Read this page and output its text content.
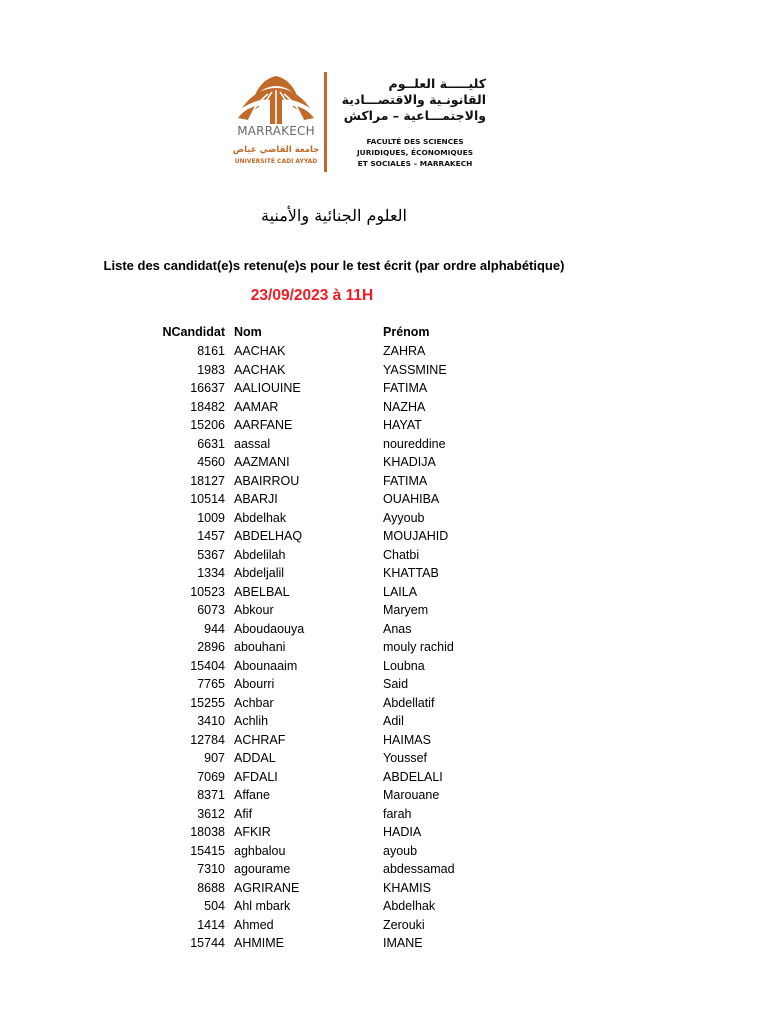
MARRAKECH
جامعة القاضي عياض
UNIVERSITÉ CADI AYYAD
كليـــــة العلــوم
القانونـية والاقتصـــادية
والاجتمـــاعية – مراكش
FACULTÉ DES SCIENCES
JURIDIQUES, ÉCONOMIQUES
ET SOCIALES – MARRAKECH
العلوم الجنائية والأمنية
Liste des candidat(e)s retenu(e)s pour le test écrit (par ordre alphabétique)
23/09/2023 à 11H
NCandidat Nom	Prénom
8161 AACHAK	ZAHRA
1983 AACHAK	YASSMINE
16637 AALIOUINE	FATIMA
18482 AAMAR	NAZHA
15206 AARFANE	HAYAT
6631 aassal	noureddine
4560 AAZMANI	KHADIJA
18127 ABAIRROU	FATIMA
10514 ABARJI	OUAHIBA
1009 Abdelhak	Ayyoub
1457 ABDELHAQ	MOUJAHID
5367 Abdelilah	Chatbi
1334 Abdeljalil	KHATTAB
10523 ABELBAL	LAILA
6073 Abkour	Maryem
944 Aboudaouya	Anas
2896 abouhani	mouly rachid
15404 Abounaaim	Loubna
7765 Abourri	Said
15255 Achbar	Abdellatif
3410 Achlih	Adil
12784 ACHRAF	HAIMAS
907 ADDAL	Youssef
7069 AFDALI	ABDELALI
8371 Affane	Marouane
3612 Afif	farah
18038 AFKIR	HADIA
15415 aghbalou	ayoub
7310 agourame	abdessamad
8688 AGRIRANE	KHAMIS
504 Ahl mbark	Abdelhak
1414 Ahmed	Zerouki
15744 AHMIME	IMANE
